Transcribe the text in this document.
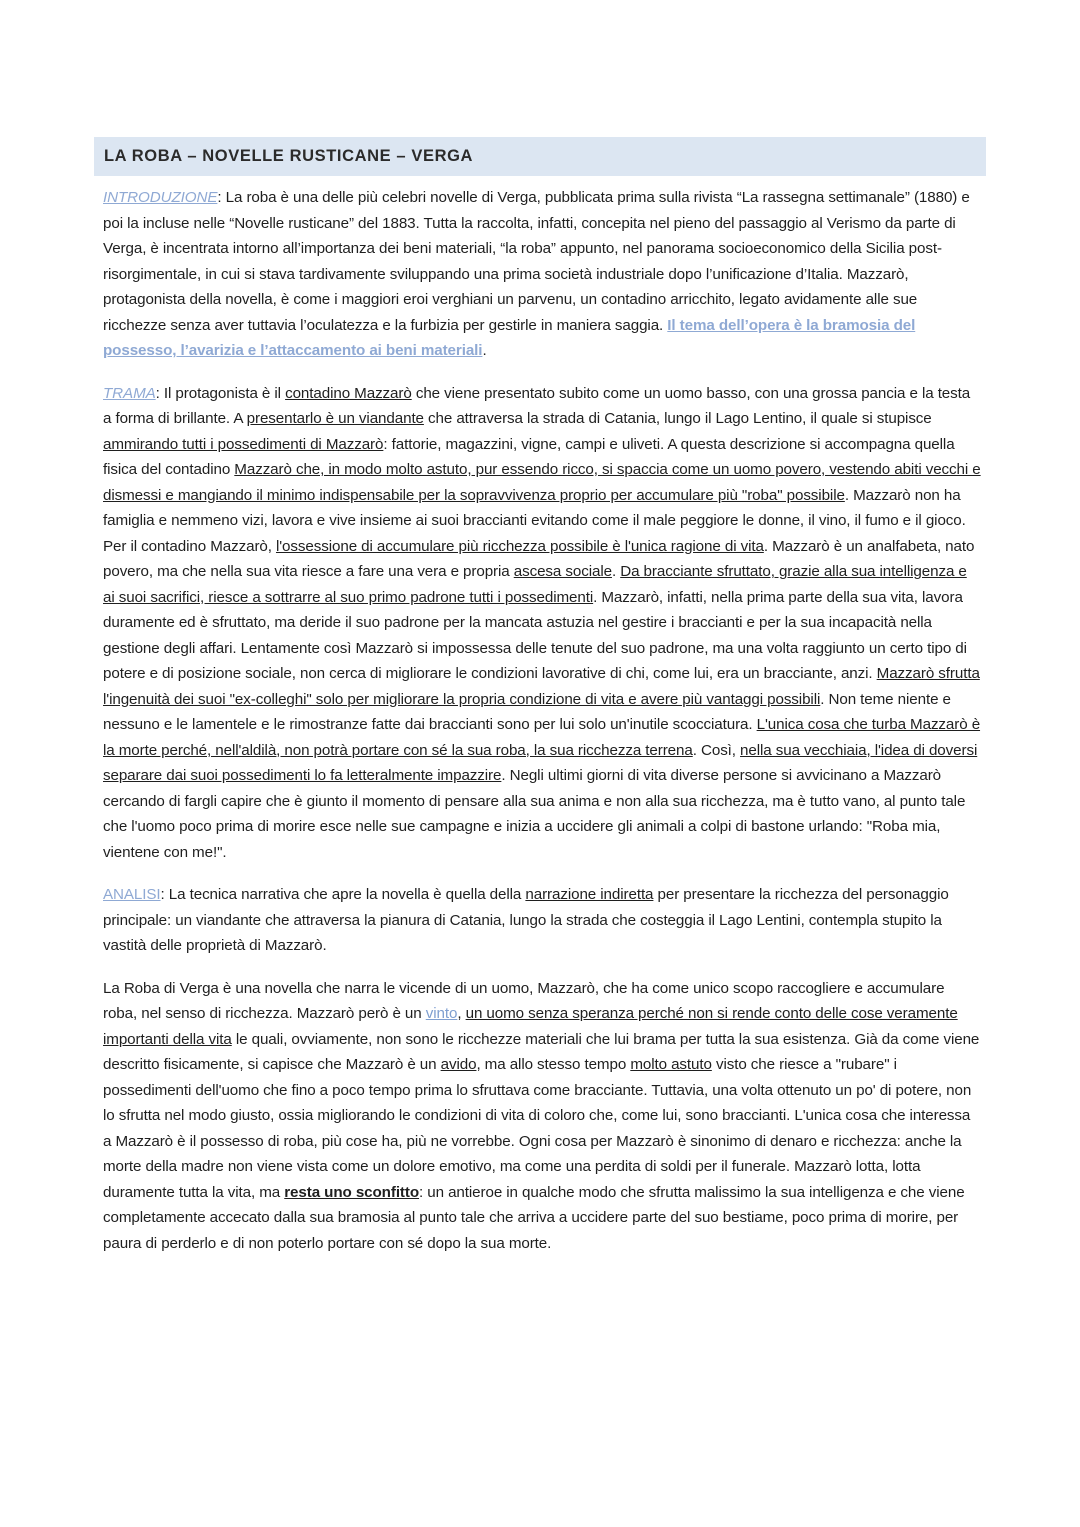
LA ROBA – NOVELLE RUSTICANE – VERGA

INTRODUZIONE: La roba è una delle più celebri novelle di Verga, pubblicata prima sulla rivista “La rassegna settimanale” (1880) e poi la incluse nelle “Novelle rusticane” del 1883. Tutta la raccolta, infatti, concepita nel pieno del passaggio al Verismo da parte di Verga, è incentrata intorno all’importanza dei beni materiali, “la roba” appunto, nel panorama socioeconomico della Sicilia post-risorgimentale, in cui si stava tardivamente sviluppando una prima società industriale dopo l’unificazione d’Italia. Mazzarò, protagonista della novella, è come i maggiori eroi verghiani un parvenu, un contadino arricchito, legato avidamente alle sue ricchezze senza aver tuttavia l’oculatezza e la furbizia per gestirle in maniera saggia. Il tema dell’opera è la bramosia del possesso, l’avarizia e l’attaccamento ai beni materiali.

TRAMA: Il protagonista è il contadino Mazzarò che viene presentato subito come un uomo basso, con una grossa pancia e la testa a forma di brillante. A presentarlo è un viandante che attraversa la strada di Catania, lungo il Lago Lentino, il quale si stupisce ammirando tutti i possedimenti di Mazzarò: fattorie, magazzini, vigne, campi e uliveti. A questa descrizione si accompagna quella fisica del contadino Mazzarò che, in modo molto astuto, pur essendo ricco, si spaccia come un uomo povero, vestendo abiti vecchi e dismessi e mangiando il minimo indispensabile per la sopravvivenza proprio per accumulare più "roba" possibile. Mazzarò non ha famiglia e nemmeno vizi, lavora e vive insieme ai suoi braccianti evitando come il male peggiore le donne, il vino, il fumo e il gioco. Per il contadino Mazzarò, l'ossessione di accumulare più ricchezza possibile è l'unica ragione di vita. Mazzarò è un analfabeta, nato povero, ma che nella sua vita riesce a fare una vera e propria ascesa sociale. Da bracciante sfruttato, grazie alla sua intelligenza e ai suoi sacrifici, riesce a sottrarre al suo primo padrone tutti i possedimenti. Mazzarò, infatti, nella prima parte della sua vita, lavora duramente ed è sfruttato, ma deride il suo padrone per la mancata astuzia nel gestire i braccianti e per la sua incapacità nella gestione degli affari. Lentamente così Mazzarò si impossessa delle tenute del suo padrone, ma una volta raggiunto un certo tipo di potere e di posizione sociale, non cerca di migliorare le condizioni lavorative di chi, come lui, era un bracciante, anzi. Mazzarò sfrutta l'ingenuità dei suoi "ex-colleghi" solo per migliorare la propria condizione di vita e avere più vantaggi possibili. Non teme niente e nessuno e le lamentele e le rimostranze fatte dai braccianti sono per lui solo un'inutile scocciatura. L'unica cosa che turba Mazzarò è la morte perché, nell'aldilà, non potrà portare con sé la sua roba, la sua ricchezza terrena. Così, nella sua vecchiaia, l'idea di doversi separare dai suoi possedimenti lo fa letteralmente impazzire. Negli ultimi giorni di vita diverse persone si avvicinano a Mazzarò cercando di fargli capire che è giunto il momento di pensare alla sua anima e non alla sua ricchezza, ma è tutto vano, al punto tale che l'uomo poco prima di morire esce nelle sue campagne e inizia a uccidere gli animali a colpi di bastone urlando: "Roba mia, vientene con me!".

ANALISI: La tecnica narrativa che apre la novella è quella della narrazione indiretta per presentare la ricchezza del personaggio principale: un viandante che attraversa la pianura di Catania, lungo la strada che costeggia il Lago Lentini, contempla stupito la vastità delle proprietà di Mazzarò.

La Roba di Verga è una novella che narra le vicende di un uomo, Mazzarò, che ha come unico scopo raccogliere e accumulare roba, nel senso di ricchezza. Mazzarò però è un vinto, un uomo senza speranza perché non si rende conto delle cose veramente importanti della vita le quali, ovviamente, non sono le ricchezze materiali che lui brama per tutta la sua esistenza. Già da come viene descritto fisicamente, si capisce che Mazzarò è un avido, ma allo stesso tempo molto astuto visto che riesce a "rubare" i possedimenti dell'uomo che fino a poco tempo prima lo sfruttava come bracciante. Tuttavia, una volta ottenuto un po' di potere, non lo sfrutta nel modo giusto, ossia migliorando le condizioni di vita di coloro che, come lui, sono braccianti. L'unica cosa che interessa a Mazzarò è il possesso di roba, più cose ha, più ne vorrebbe. Ogni cosa per Mazzarò è sinonimo di denaro e ricchezza: anche la morte della madre non viene vista come un dolore emotivo, ma come una perdita di soldi per il funerale. Mazzarò lotta, lotta duramente tutta la vita, ma resta uno sconfitto: un antieroe in qualche modo che sfrutta malissimo la sua intelligenza e che viene completamente accecato dalla sua bramosia al punto tale che arriva a uccidere parte del suo bestiame, poco prima di morire, per paura di perderlo e di non poterlo portare con sé dopo la sua morte.
